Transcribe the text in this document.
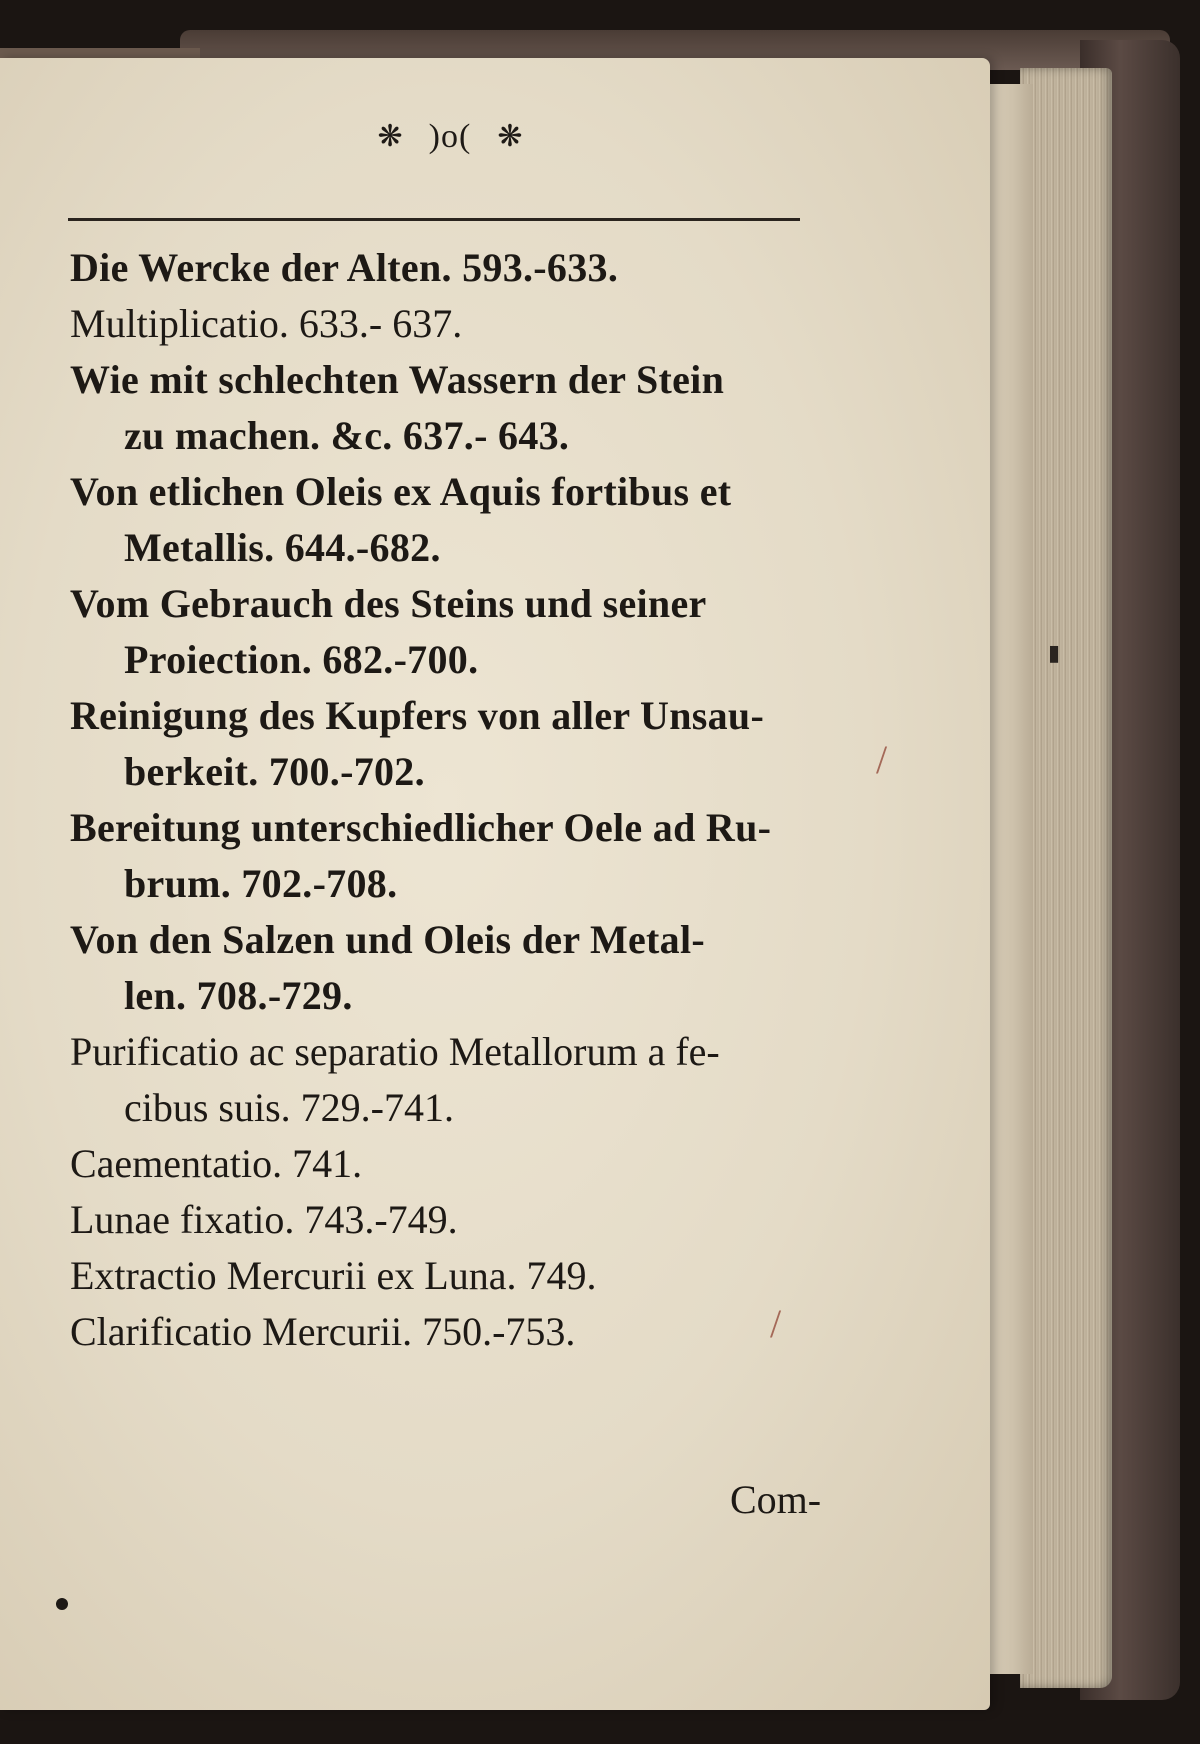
▮
❋ )o( ❋

Die Wercke der Alten. 593.-633.

Multiplicatio. 633.- 637.

Wie mit schlechten Wassern der Stein
zu machen. &c. 637.- 643.

Von etlichen Oleis ex Aquis fortibus et
Metallis. 644.-682.

Vom Gebrauch des Steins und seiner
Proiection. 682.-700.

Reinigung des Kupfers von aller Unsau-
berkeit. 700.-702.

Bereitung unterschiedlicher Oele ad Ru-
brum. 702.-708.

Von den Salzen und Oleis der Metal-
len. 708.-729.

Purificatio ac separatio Metallorum a fe-
cibus suis. 729.-741.

Caementatio. 741.

Lunae fixatio. 743.-749.

Extractio Mercurii ex Luna. 749.

Clarificatio Mercurii. 750.-753.

Com-
/
/
